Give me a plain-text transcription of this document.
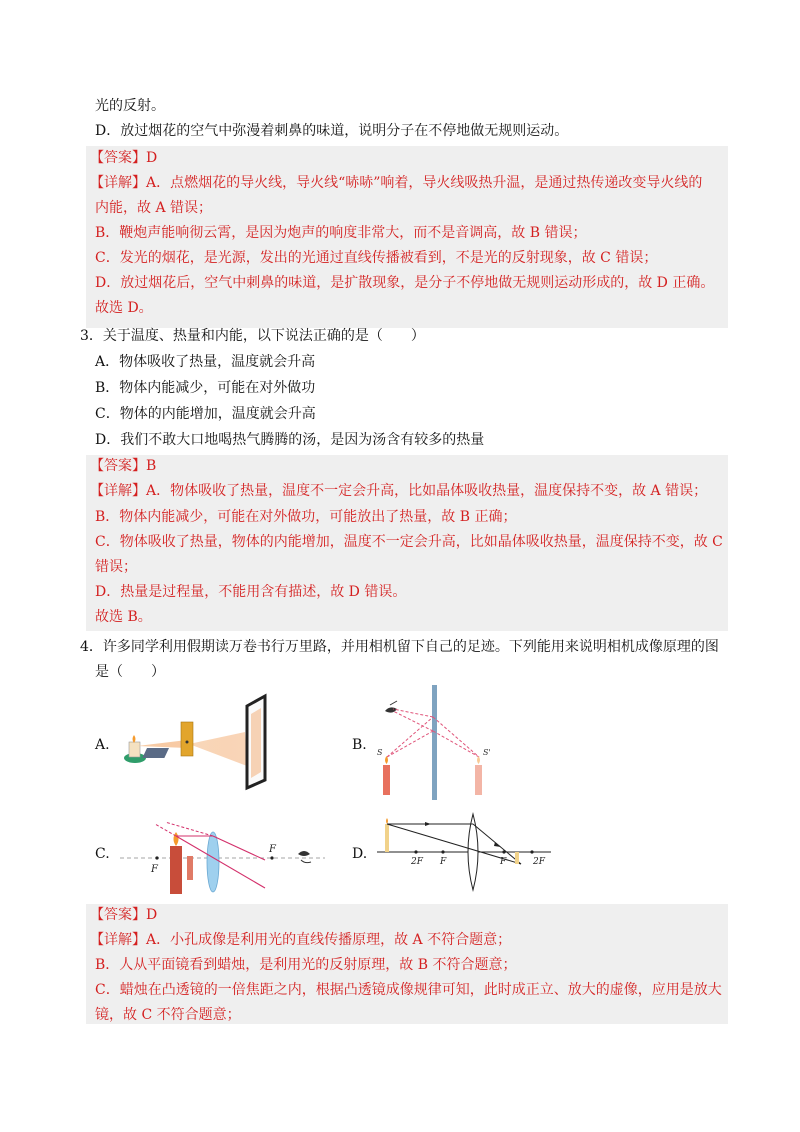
光的反射。
D．放过烟花的空气中弥漫着刺鼻的味道，说明分子在不停地做无规则运动。
【答案】D
【详解】A．点燃烟花的导火线，导火线“哧哧”响着，导火线吸热升温，是通过热传递改变导火线的
内能，故 A 错误；
B．鞭炮声能响彻云霄，是因为炮声的响度非常大，而不是音调高，故 B 错误；
C．发光的烟花，是光源，发出的光通过直线传播被看到，不是光的反射现象，故 C 错误；
D．放过烟花后，空气中刺鼻的味道，是扩散现象，是分子不停地做无规则运动形成的，故 D 正确。
故选 D。
3．关于温度、热量和内能，以下说法正确的是（　　）
A．物体吸收了热量，温度就会升高
B．物体内能减少，可能在对外做功
C．物体的内能增加，温度就会升高
D．我们不敢大口地喝热气腾腾的汤，是因为汤含有较多的热量
【答案】B
【详解】A．物体吸收了热量，温度不一定会升高，比如晶体吸收热量，温度保持不变，故 A 错误；
B．物体内能减少，可能在对外做功，可能放出了热量，故 B 正确；
C．物体吸收了热量，物体的内能增加，温度不一定会升高，比如晶体吸收热量，温度保持不变，故 C
错误；
D．热量是过程量，不能用含有描述，故 D 错误。
故选 B。
4．许多同学利用假期读万卷书行万里路，并用相机留下自己的足迹。下列能用来说明相机成像原理的图
是（　　）
A.	B. S	S'
C.
F
F	D.	2F F	F	2F
【答案】D
【详解】A．小孔成像是利用光的直线传播原理，故 A 不符合题意；
B．人从平面镜看到蜡烛，是利用光的反射原理，故 B 不符合题意；
C．蜡烛在凸透镜的一倍焦距之内，根据凸透镜成像规律可知，此时成正立、放大的虚像，应用是放大
镜，故 C 不符合题意；
